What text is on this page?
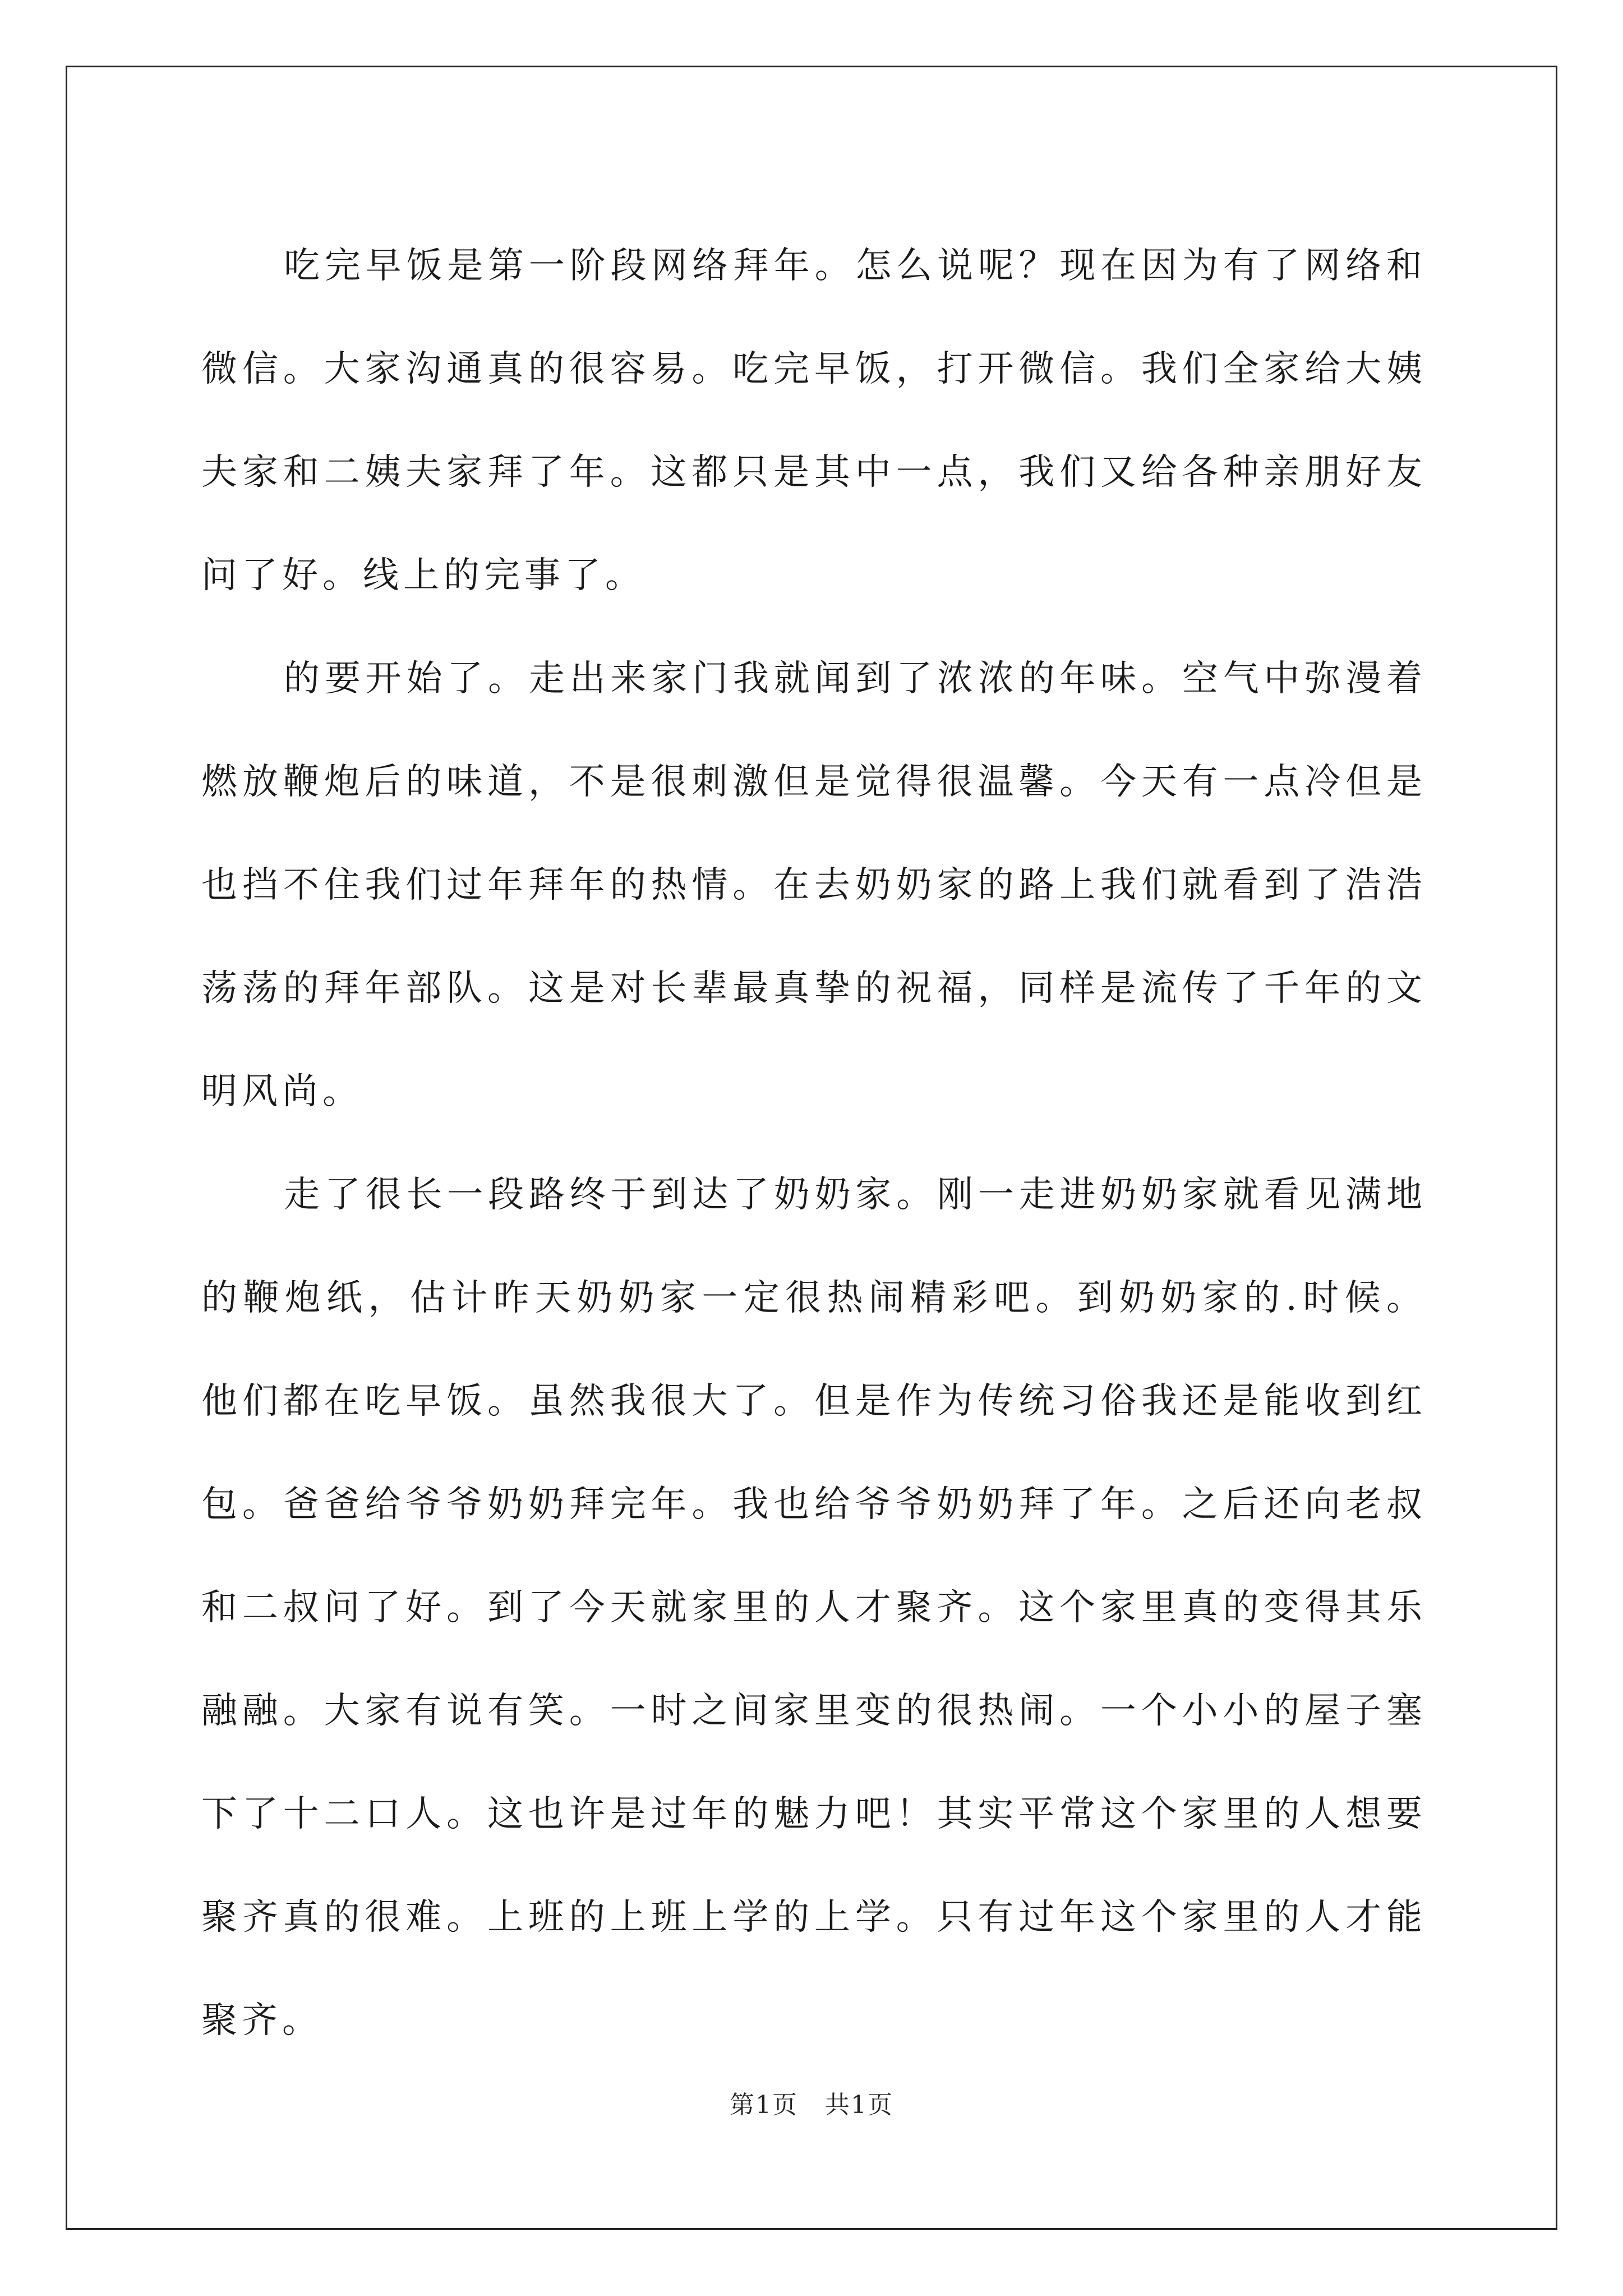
吃完早饭是第一阶段网络拜年。怎么说呢？现在因为有了网络和微信。大家沟通真的很容易。吃完早饭，打开微信。我们全家给大姨夫家和二姨夫家拜了年。这都只是其中一点，我们又给各种亲朋好友问了好。线上的完事了。

的要开始了。走出来家门我就闻到了浓浓的年味。空气中弥漫着燃放鞭炮后的味道，不是很刺激但是觉得很温馨。今天有一点冷但是也挡不住我们过年拜年的热情。在去奶奶家的路上我们就看到了浩浩荡荡的拜年部队。这是对长辈最真挚的祝福，同样是流传了千年的文明风尚。

走了很长一段路终于到达了奶奶家。刚一走进奶奶家就看见满地的鞭炮纸，估计昨天奶奶家一定很热闹精彩吧。到奶奶家的.时候。他们都在吃早饭。虽然我很大了。但是作为传统习俗我还是能收到红包。爸爸给爷爷奶奶拜完年。我也给爷爷奶奶拜了年。之后还向老叔和二叔问了好。到了今天就家里的人才聚齐。这个家里真的变得其乐融融。大家有说有笑。一时之间家里变的很热闹。一个小小的屋子塞下了十二口人。这也许是过年的魅力吧！其实平常这个家里的人想要聚齐真的很难。上班的上班上学的上学。只有过年这个家里的人才能聚齐。

第1页 共1页
